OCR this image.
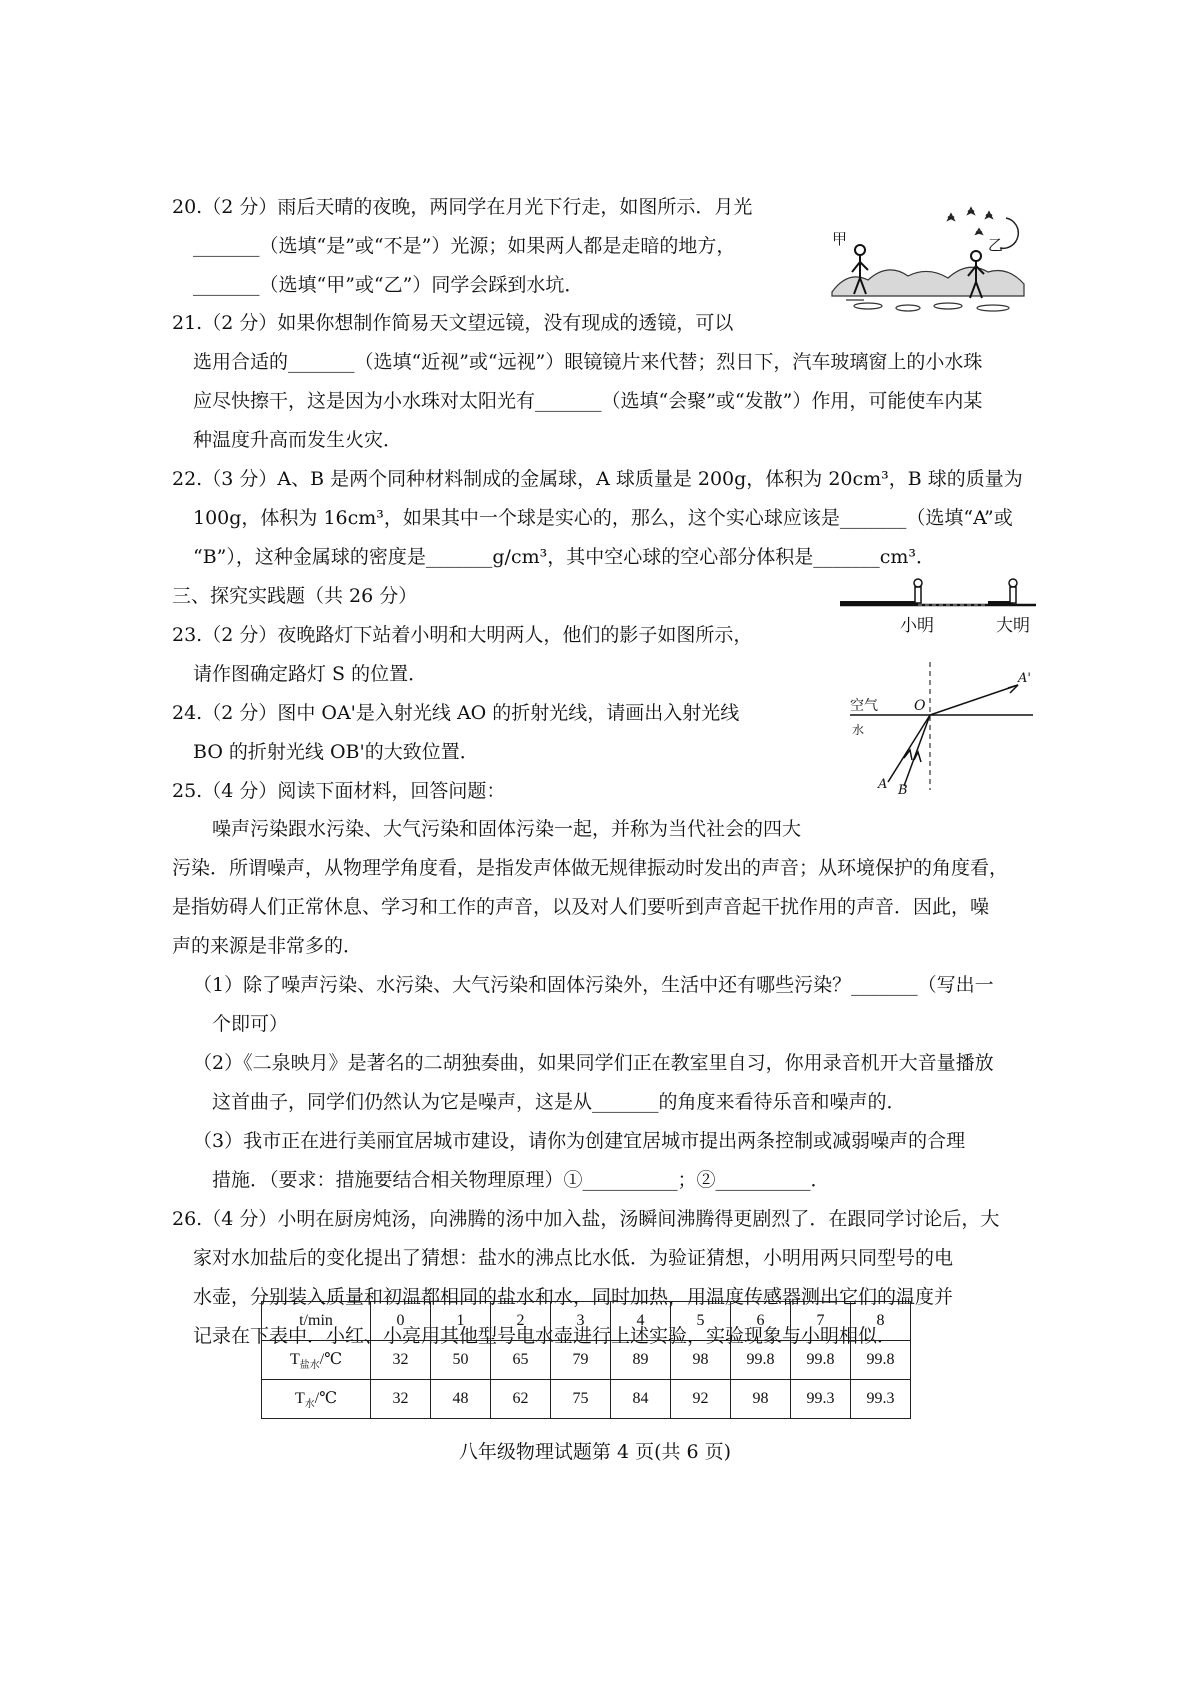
20.（2 分）雨后天晴的夜晚，两同学在月光下行走，如图所示．月光
_______（选填“是”或“不是”）光源；如果两人都是走暗的地方，
_______（选填“甲”或“乙”）同学会踩到水坑．
21.（2 分）如果你想制作简易天文望远镜，没有现成的透镜，可以
选用合适的_______（选填“近视”或“远视”）眼镜镜片来代替；烈日下，汽车玻璃窗上的小水珠
应尽快擦干，这是因为小水珠对太阳光有_______（选填“会聚”或“发散”）作用，可能使车内某
种温度升高而发生火灾．
22.（3 分）A、B 是两个同种材料制成的金属球，A 球质量是 200g，体积为 20cm³，B 球的质量为
100g，体积为 16cm³，如果其中一个球是实心的，那么，这个实心球应该是_______（选填“A”或
“B”），这种金属球的密度是_______g/cm³，其中空心球的空心部分体积是_______cm³．
三、探究实践题（共 26 分）
23.（2 分）夜晚路灯下站着小明和大明两人，他们的影子如图所示，
请作图确定路灯 S 的位置．
24.（2 分）图中 OA'是入射光线 AO 的折射光线，请画出入射光线
BO 的折射光线 OB'的大致位置．
25.（4 分）阅读下面材料，回答问题：
噪声污染跟水污染、大气污染和固体污染一起，并称为当代社会的四大
污染．所谓噪声，从物理学角度看，是指发声体做无规律振动时发出的声音；从环境保护的角度看，
是指妨碍人们正常休息、学习和工作的声音，以及对人们要听到声音起干扰作用的声音．因此，噪
声的来源是非常多的．
（1）除了噪声污染、水污染、大气污染和固体污染外，生活中还有哪些污染？_______（写出一
个即可）
（2）《二泉映月》是著名的二胡独奏曲，如果同学们正在教室里自习，你用录音机开大音量播放
这首曲子，同学们仍然认为它是噪声，这是从_______的角度来看待乐音和噪声的．
（3）我市正在进行美丽宜居城市建设，请你为创建宜居城市提出两条控制或减弱噪声的合理
措施．（要求：措施要结合相关物理原理）①__________；②__________．
26.（4 分）小明在厨房炖汤，向沸腾的汤中加入盐，汤瞬间沸腾得更剧烈了．在跟同学讨论后，大
家对水加盐后的变化提出了猜想：盐水的沸点比水低．为验证猜想，小明用两只同型号的电
水壶，分别装入质量和初温都相同的盐水和水，同时加热，用温度传感器测出它们的温度并
记录在下表中．小红、小亮用其他型号电水壶进行上述实验，实验现象与小明相似．
甲	乙
小明	大明
空气
水
O
A'
A B
t/min	0	1	2	3	4	5	6	7	8
$T_{盐水}/℃$	32	50	65	79	89	98	99.8	99.8	99.8
$T_水/℃$	32	48	62	75	84	92	98	99.3	99.3
八年级物理试题第 4 页(共 6 页)
